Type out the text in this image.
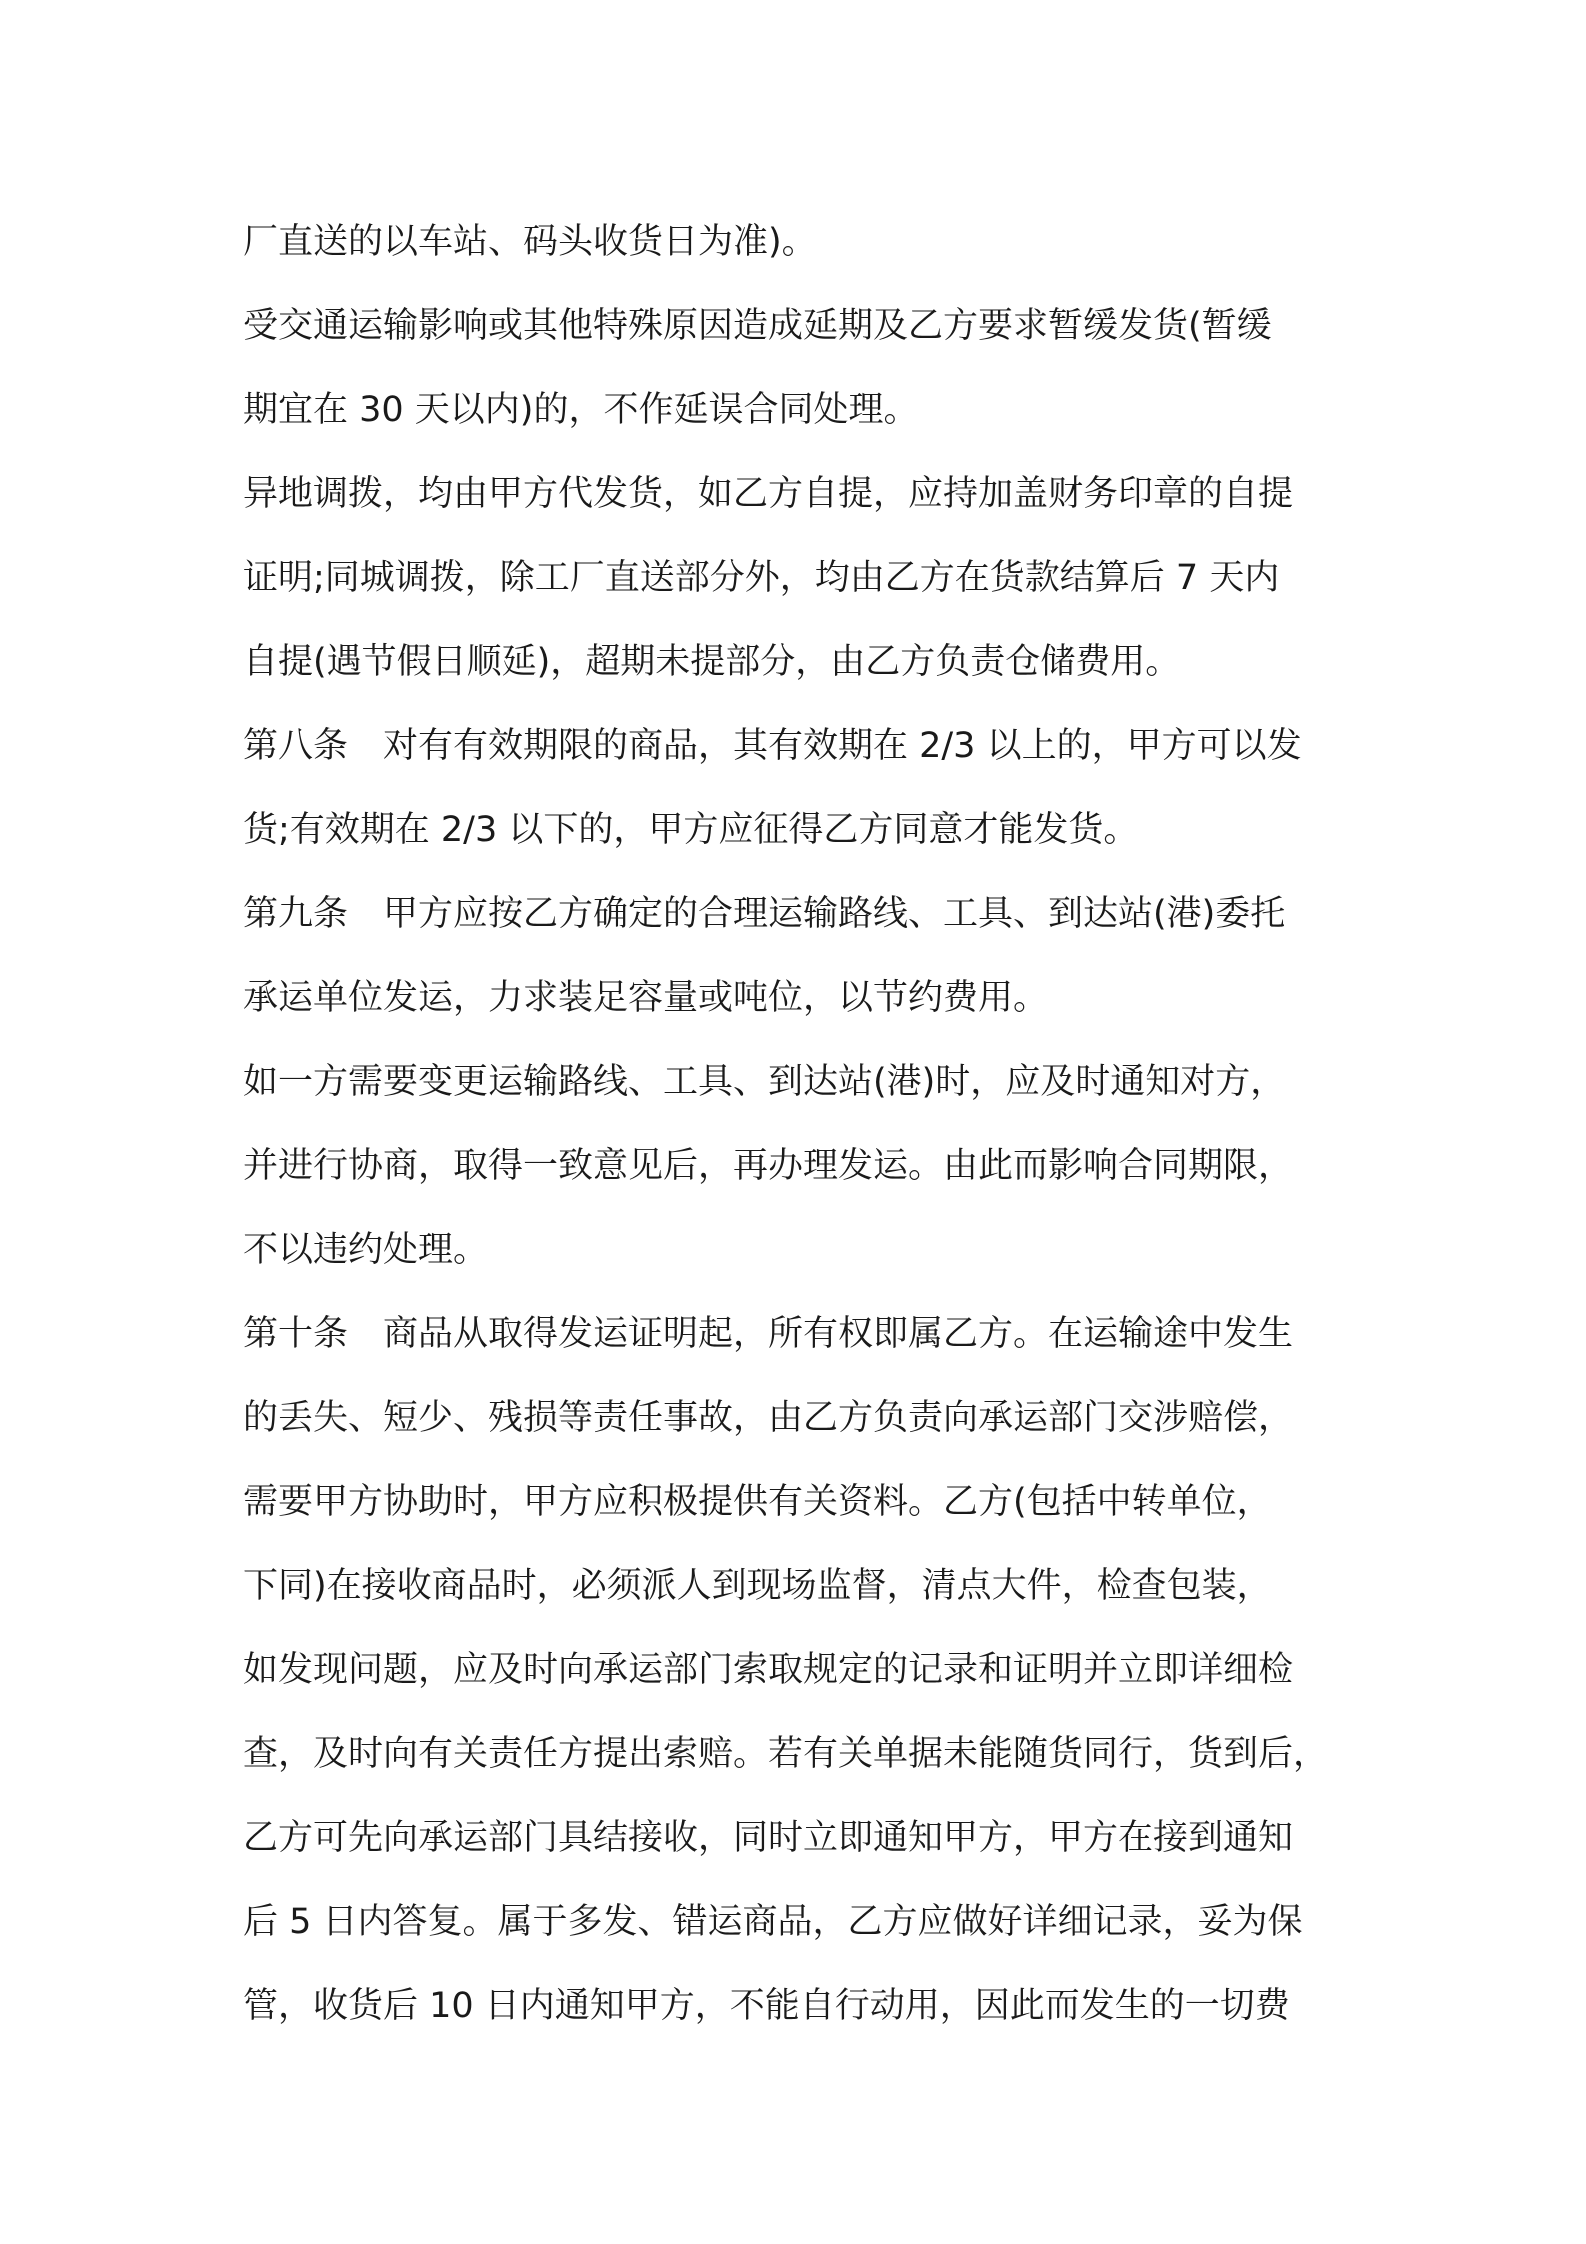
厂直送的以车站、码头收货日为准)。
受交通运输影响或其他特殊原因造成延期及乙方要求暂缓发货(暂缓
期宜在 30 天以内)的，不作延误合同处理。
异地调拨，均由甲方代发货，如乙方自提，应持加盖财务印章的自提
证明;同城调拨，除工厂直送部分外，均由乙方在货款结算后 7 天内
自提(遇节假日顺延)，超期未提部分，由乙方负责仓储费用。
第八条　对有有效期限的商品，其有效期在 2/3 以上的，甲方可以发
货;有效期在 2/3 以下的，甲方应征得乙方同意才能发货。
第九条　甲方应按乙方确定的合理运输路线、工具、到达站(港)委托
承运单位发运，力求装足容量或吨位，以节约费用。
如一方需要变更运输路线、工具、到达站(港)时，应及时通知对方，
并进行协商，取得一致意见后，再办理发运。由此而影响合同期限，
不以违约处理。
第十条　商品从取得发运证明起，所有权即属乙方。在运输途中发生
的丢失、短少、残损等责任事故，由乙方负责向承运部门交涉赔偿，
需要甲方协助时，甲方应积极提供有关资料。乙方(包括中转单位，
下同)在接收商品时，必须派人到现场监督，清点大件，检查包装，
如发现问题，应及时向承运部门索取规定的记录和证明并立即详细检
查，及时向有关责任方提出索赔。若有关单据未能随货同行，货到后，
乙方可先向承运部门具结接收，同时立即通知甲方，甲方在接到通知
后 5 日内答复。属于多发、错运商品，乙方应做好详细记录，妥为保
管，收货后 10 日内通知甲方，不能自行动用，因此而发生的一切费
